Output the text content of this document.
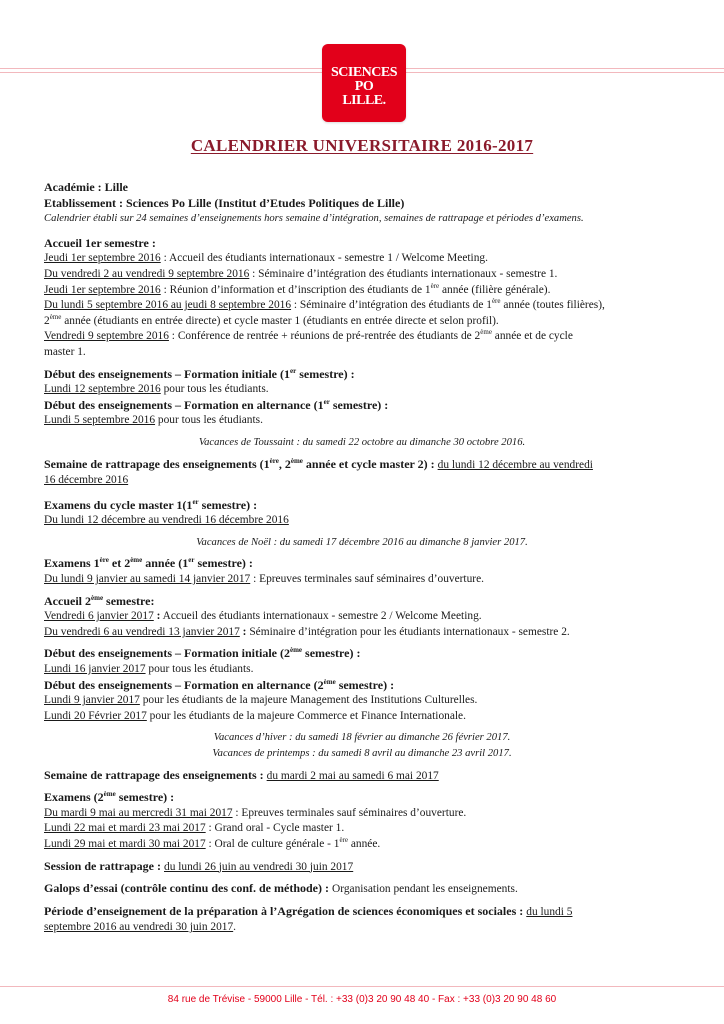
SCIENCES
PO
LILLE.
CALENDRIER UNIVERSITAIRE 2016-2017

Académie : Lille

Etablissement : Sciences Po Lille (Institut d’Etudes Politiques de Lille)

Calendrier établi sur 24 semaines d’enseignements hors semaine d’intégration, semaines de rattrapage et périodes d’examens.

Accueil 1er semestre :

Jeudi 1er septembre 2016 : Accueil des étudiants internationaux - semestre 1 / Welcome Meeting.

Du vendredi 2 au vendredi 9 septembre 2016 : Séminaire d’intégration des étudiants internationaux - semestre 1.

Jeudi 1er septembre 2016 : Réunion d’information et d’inscription des étudiants de 1ère année (filière générale).

Du lundi 5 septembre 2016 au jeudi 8 septembre 2016 : Séminaire d’intégration des étudiants de 1ère année (toutes filières),

2ème année (étudiants en entrée directe) et cycle master 1 (étudiants en entrée directe et selon profil).

Vendredi 9 septembre 2016 : Conférence de rentrée + réunions de pré-rentrée des étudiants de 2ème année et de cycle

master 1.

Début des enseignements – Formation initiale (1er semestre) :

Lundi 12 septembre 2016 pour tous les étudiants.

Début des enseignements – Formation en alternance (1er semestre) :

Lundi 5 septembre 2016 pour tous les étudiants.

Vacances de Toussaint : du samedi 22 octobre au dimanche 30 octobre 2016.

Semaine de rattrapage des enseignements (1ère, 2ème année et cycle master 2) : du lundi 12 décembre au vendredi

16 décembre 2016

Examens du cycle master 1(1er semestre) :

Du lundi 12 décembre au vendredi 16 décembre 2016

Vacances de Noël : du samedi 17 décembre 2016 au dimanche 8 janvier 2017.

Examens 1ère et 2ème année (1er semestre) :

Du lundi 9 janvier au samedi 14 janvier 2017 : Epreuves terminales sauf séminaires d’ouverture.

Accueil 2ème semestre:

Vendredi 6 janvier 2017 : Accueil des étudiants internationaux - semestre 2 / Welcome Meeting.

Du vendredi 6 au vendredi 13 janvier 2017 : Séminaire d’intégration pour les étudiants internationaux - semestre 2.

Début des enseignements – Formation initiale (2ème semestre) :

Lundi 16 janvier 2017 pour tous les étudiants.

Début des enseignements – Formation en alternance (2ème semestre) :

Lundi 9 janvier 2017 pour les étudiants de la majeure Management des Institutions Culturelles.

Lundi 20 Février 2017 pour les étudiants de la majeure Commerce et Finance Internationale.

Vacances d’hiver : du samedi 18 février au dimanche 26 février 2017.

Vacances de printemps : du samedi 8 avril au dimanche 23 avril 2017.

Semaine de rattrapage des enseignements : du mardi 2 mai au samedi 6 mai 2017

Examens (2ème semestre) :

Du mardi 9 mai au mercredi 31 mai 2017 : Epreuves terminales sauf séminaires d’ouverture.

Lundi 22 mai et mardi 23 mai 2017 : Grand oral - Cycle master 1.

Lundi 29 mai et mardi 30 mai 2017 : Oral de culture générale - 1ère année.

Session de rattrapage : du lundi 26 juin au vendredi 30 juin 2017

Galops d’essai (contrôle continu des conf. de méthode) : Organisation pendant les enseignements.

Période d’enseignement de la préparation à l’Agrégation de sciences économiques et sociales : du lundi 5

septembre 2016 au vendredi 30 juin 2017.

84 rue de Trévise - 59000 Lille - Tél. : +33 (0)3 20 90 48 40 - Fax : +33 (0)3 20 90 48 60
